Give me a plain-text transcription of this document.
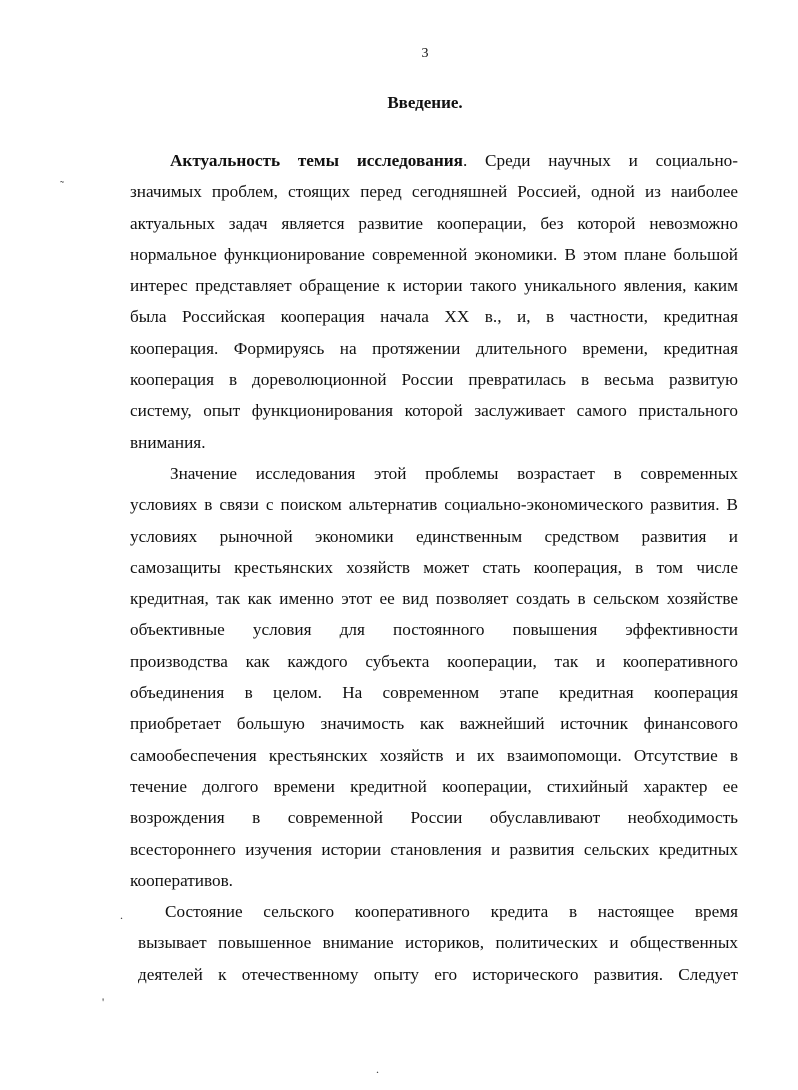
3
Введение.
Актуальность темы исследования. Среди научных и социально-
значимых проблем, стоящих перед сегодняшней Россией, одной из наиболее
актуальных задач является развитие кооперации, без которой невозможно
нормальное функционирование современной экономики. В этом плане большой
интерес представляет обращение к истории такого уникального явления, каким
была Российская кооперация начала XX в., и, в частности, кредитная
кооперация. Формируясь на протяжении длительного времени, кредитная
кооперация в дореволюционной России превратилась в весьма развитую
систему, опыт функционирования которой заслуживает самого пристального
внимания.
Значение исследования этой проблемы возрастает в современных
условиях в связи с поиском альтернатив социально-экономического развития. В
условиях рыночной экономики единственным средством развития и
самозащиты крестьянских хозяйств может стать кооперация, в том числе
кредитная, так как именно этот ее вид позволяет создать в сельском хозяйстве
объективные условия для постоянного повышения эффективности
производства как каждого субъекта кооперации, так и кооперативного
объединения в целом. На современном этапе кредитная кооперация
приобретает большую значимость как важнейший источник финансового
самообеспечения крестьянских хозяйств и их взаимопомощи. Отсутствие в
течение долгого времени кредитной кооперации, стихийный характер ее
возрождения в современной России обуславливают необходимость
всестороннего изучения истории становления и развития сельских кредитных
кооперативов.
Состояние сельского кооперативного кредита в настоящее время
вызывает повышенное внимание историков, политических и общественных
деятелей к отечественному опыту его исторического развития. Следует
˜
.
'
.
